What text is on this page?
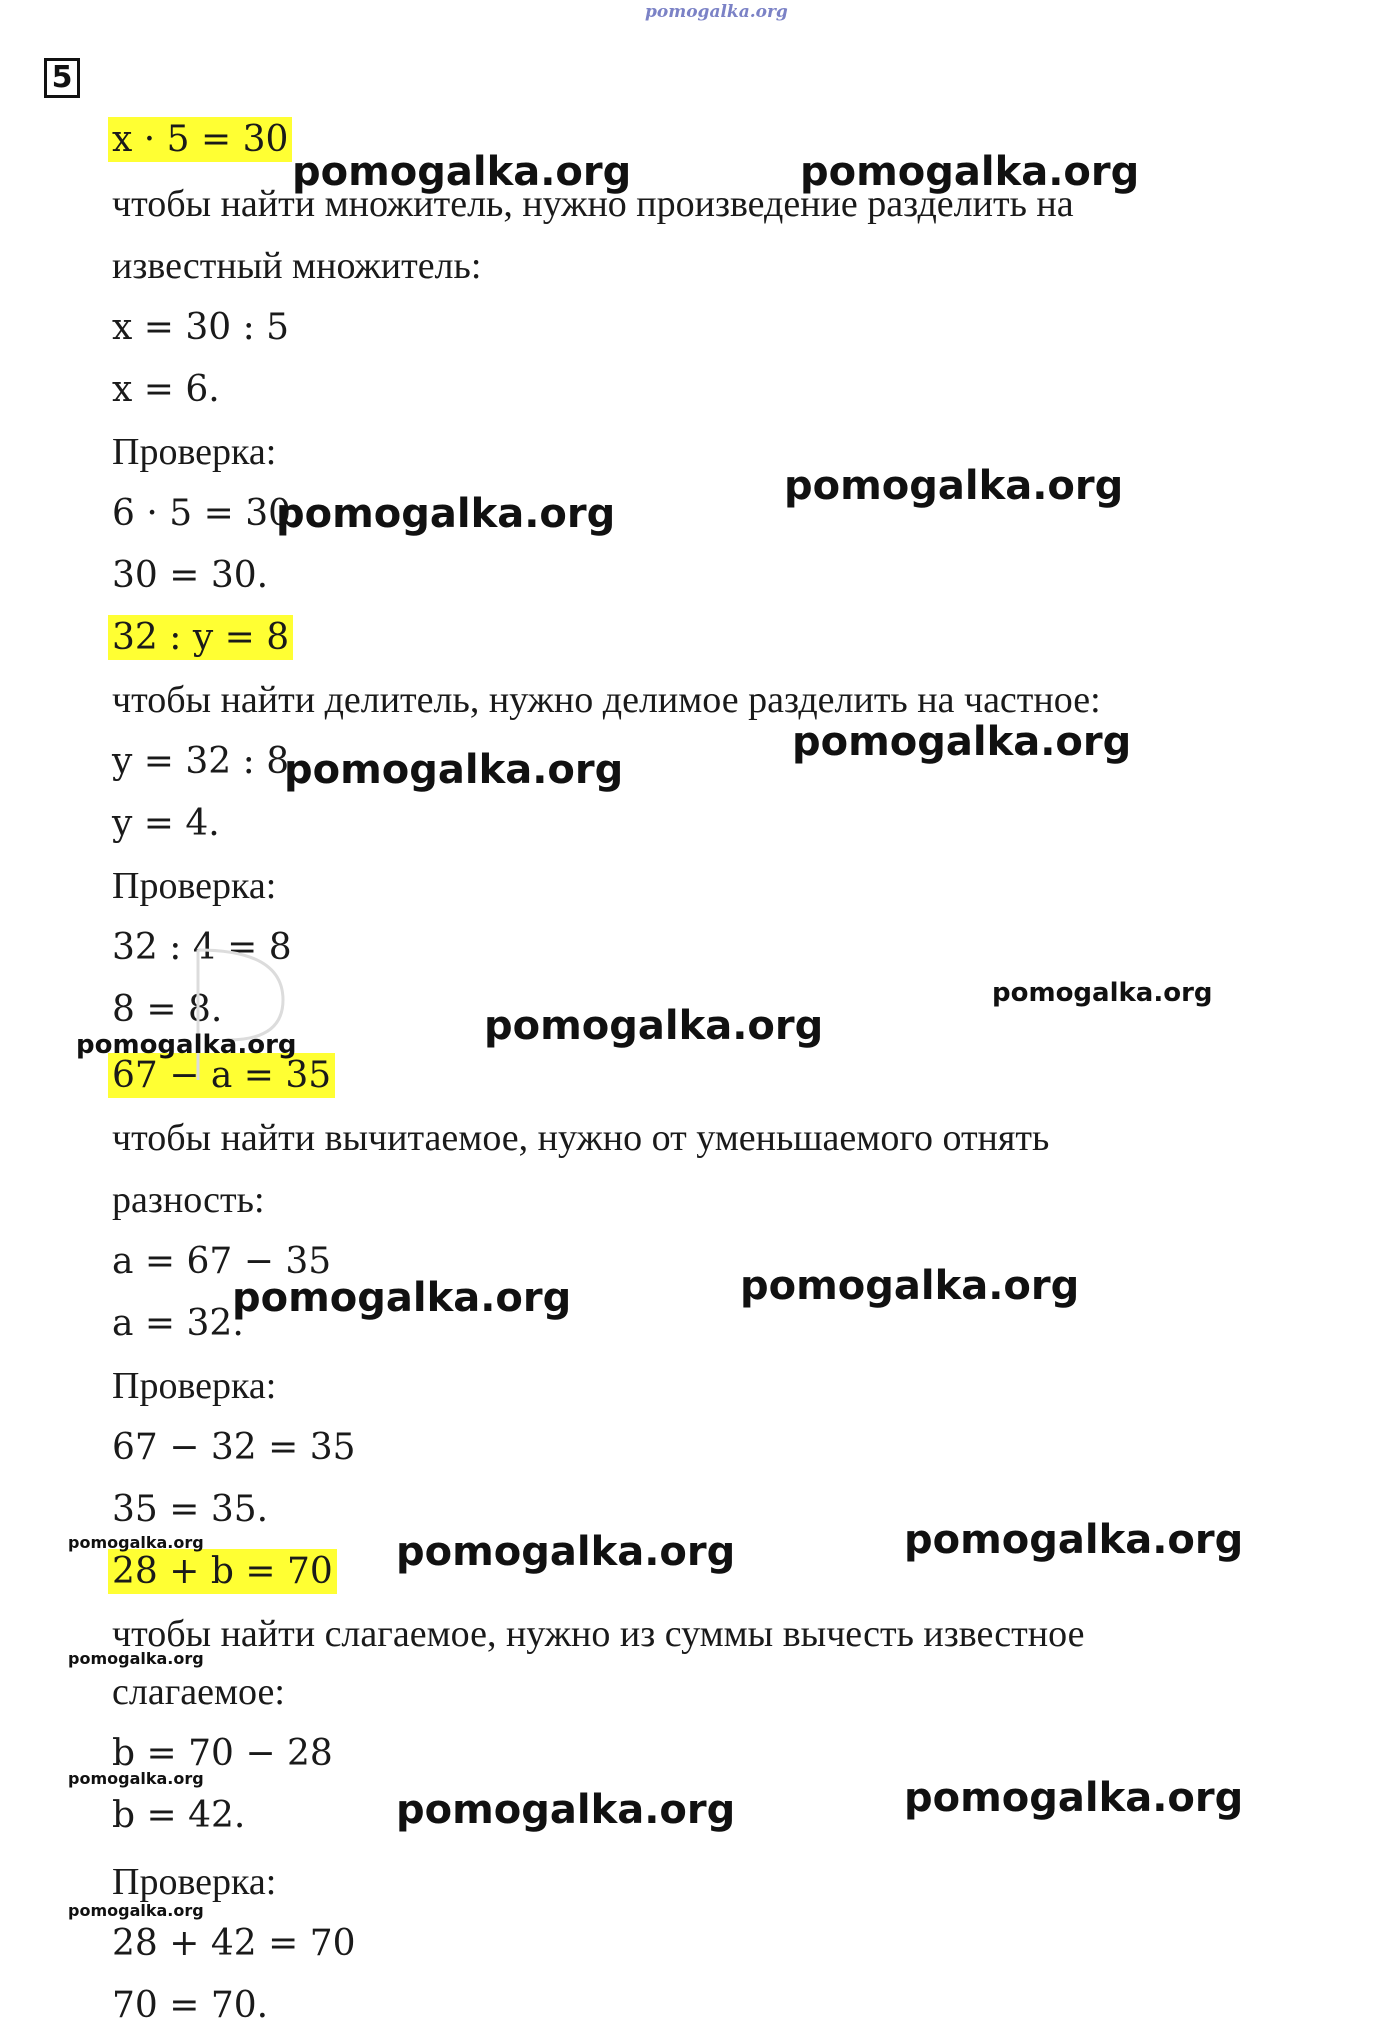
pomogalka.org
5
x · 5 = 30
чтобы найти множитель, нужно произведение разделить на
известный множитель:
x = 30 : 5
x = 6.
Проверка:
6 · 5 = 30
30 = 30.
32 : y = 8
чтобы найти делитель, нужно делимое разделить на частное:
y = 32 : 8
y = 4.
Проверка:
32 : 4 = 8
8 = 8.
67 − a = 35
чтобы найти вычитаемое, нужно от уменьшаемого отнять
разность:
a = 67 − 35
a = 32.
Проверка:
67 − 32 = 35
35 = 35.
28 + b = 70
чтобы найти слагаемое, нужно из суммы вычесть известное
слагаемое:
b = 70 − 28
b = 42.
Проверка:
28 + 42 = 70
70 = 70.
pomogalka.org	pomogalka.org
pomogalka.org
pomogalka.org
pomogalka.org
pomogalka.org
pomogalka.org
pomogalka.org
pomogalka.org
pomogalka.org
pomogalka.org
pomogalka.org
pomogalka.org
pomogalka.org
pomogalka.org
pomogalka.org
pomogalka.org
pomogalka.org
pomogalka.org
